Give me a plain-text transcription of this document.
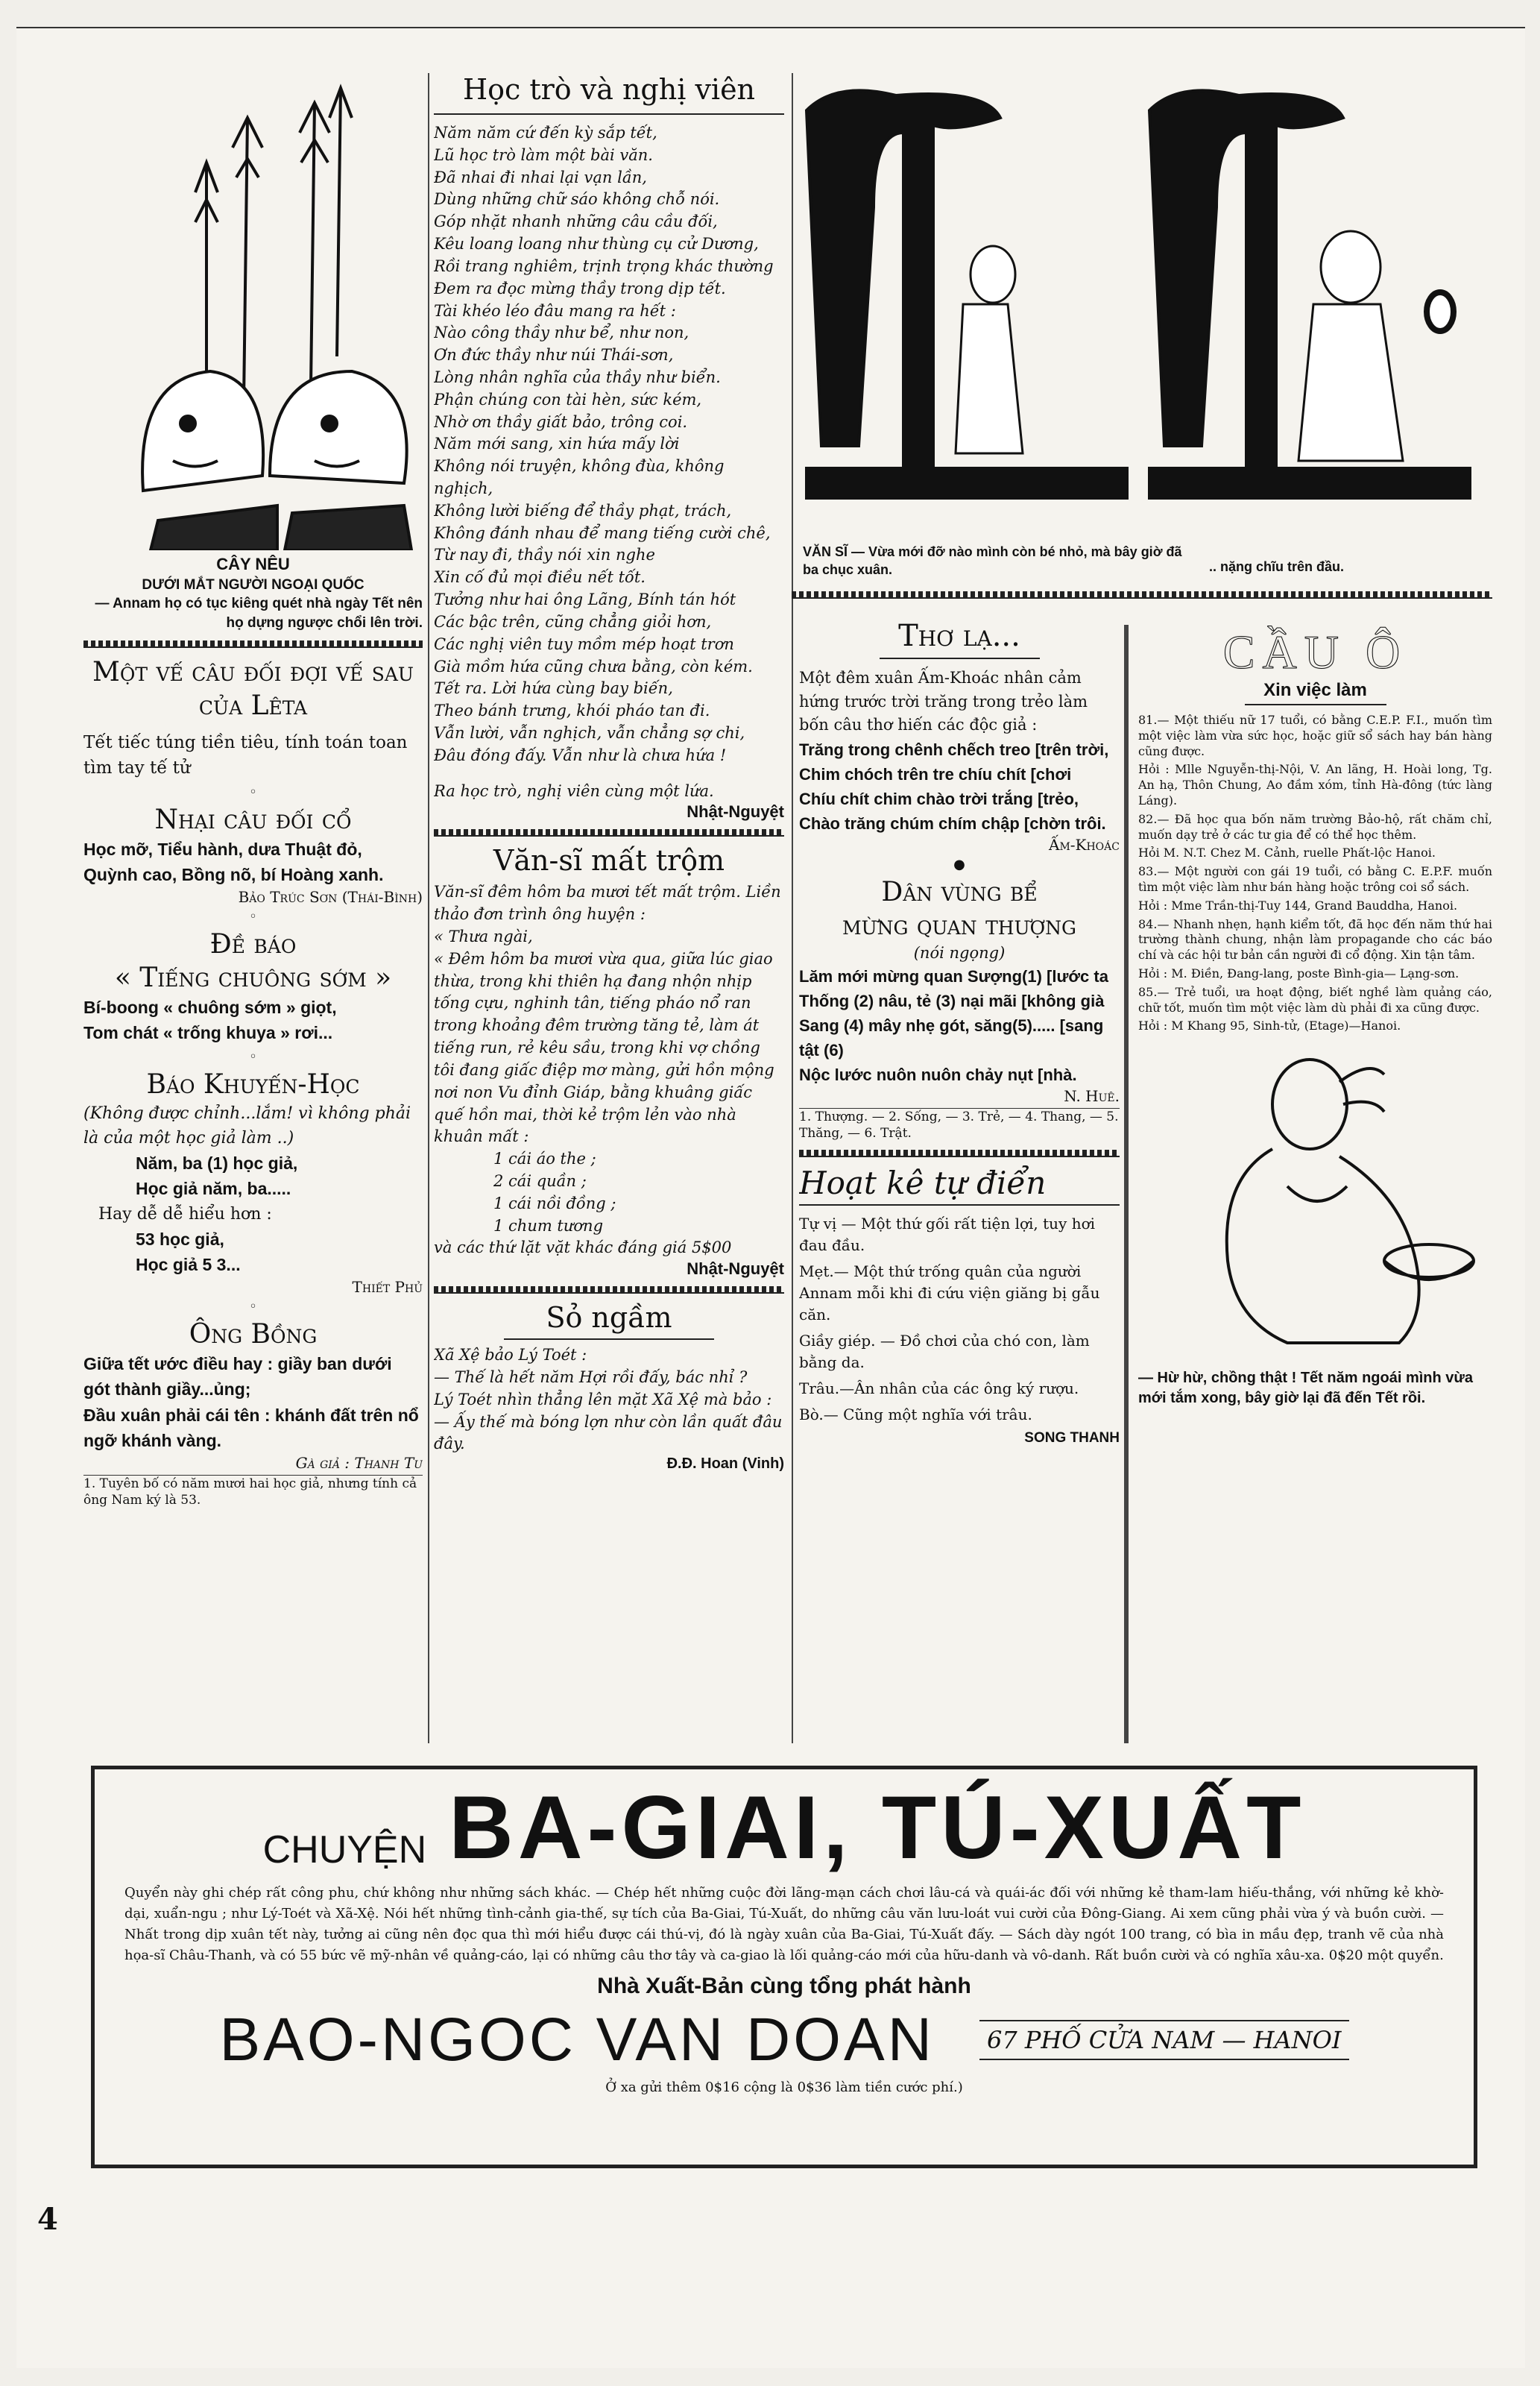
CÂY NÊU
DƯỚI MẮT NGƯỜI NGOẠI QUỐC
— Annam họ có tục kiêng quét nhà ngày Tết nên họ dựng ngược chổi lên trời.
Một vế câu đối đợi vế sau của Lêta
Tết tiếc túng tiền tiêu, tính toán toan tìm tay tế tử
◦
Nhại câu đối cổ
Học mỡ, Tiểu hành, dưa Thuật đỏ,
Quỳnh cao, Bồng nõ, bí Hoàng xanh.
Bảo Trúc Sơn (Thái-Bình)
◦
Đề báo
« Tiếng chuông sớm »
Bí-boong « chuông sớm » giọt,
Tom chát « trống khuya » rơi...
◦
Báo Khuyến-Học
(Không được chỉnh...lắm! vì không phải là của một học giả làm ..)
Năm, ba (1) học giả,
Học giả năm, ba.....
Hay dễ dễ hiểu hơn :
53 học giả,
Học giả 5 3...
Thiết Phủ
◦
Ông Bồng
Giữa tết ước điều hay : giầy ban dưới gót thành giầy...ủng;
Đầu xuân phải cái tên : khánh đất trên nổ ngỡ khánh vàng.
Gà giả : Thanh Tư
1. Tuyên bố có năm mươi hai học giả, nhưng tính cả ông Nam ký là 53.
Học trò và nghị viên
Năm năm cứ đến kỳ sắp tết,
Lũ học trò làm một bài văn.
Đã nhai đi nhai lại vạn lần,
Dùng những chữ sáo không chỗ nói.
Góp nhặt nhanh những câu cầu đối,
Kêu loang loang như thùng cụ cử Dương,
Rồi trang nghiêm, trịnh trọng khác thường
Đem ra đọc mừng thầy trong dịp tết.
Tài khéo léo đâu mang ra hết :
Nào công thầy như bể, như non,
Ơn đức thầy như núi Thái-sơn,
Lòng nhân nghĩa của thầy như biển.
Phận chúng con tài hèn, sức kém,
Nhờ ơn thầy giất bảo, trông coi.
Năm mới sang, xin hứa mấy lời
Không nói truyện, không đùa, không nghịch,
Không lười biếng để thầy phạt, trách,
Không đánh nhau để mang tiếng cười chê,
Từ nay đi, thầy nói xin nghe
Xin cố đủ mọi điều nết tốt.
Tưởng như hai ông Lãng, Bính tán hót
Các bậc trên, cũng chẳng giỏi hơn,
Các nghị viên tuy mồm mép hoạt trơn
Già mồm hứa cũng chưa bằng, còn kém.
Tết ra. Lời hứa cùng bay biến,
Theo bánh trưng, khói pháo tan đi.
Vẫn lười, vẫn nghịch, vẫn chẳng sợ chi,
Đâu đóng đấy. Vẫn như là chưa hứa !
Ra học trò, nghị viên cùng một lứa.
Nhật-Nguyệt
Văn-sĩ mất trộm
Văn-sĩ đêm hôm ba mươi tết mất trộm. Liền thảo đơn trình ông huyện :
« Thưa ngài,
« Đêm hôm ba mươi vừa qua, giữa lúc giao thừa, trong khi thiên hạ đang nhộn nhịp tống cựu, nghinh tân, tiếng pháo nổ ran trong khoảng đêm trường tăng tẻ, làm át tiếng run, rẻ kêu sầu, trong khi vợ chồng tôi đang giấc điệp mơ màng, gửi hồn mộng nơi non Vu đỉnh Giáp, bằng khuâng giấc quế hồn mai, thời kẻ trộm lẻn vào nhà khuân mất :
1 cái áo the ;
2 cái quần ;
1 cái nồi đồng ;
1 chum tương
và các thứ lặt vặt khác đáng giá 5$00
Nhật-Nguyệt
Sỏ ngầm
Xã Xệ bảo Lý Toét :
— Thế là hết năm Hợi rồi đấy, bác nhỉ ?
Lý Toét nhìn thẳng lên mặt Xã Xệ mà bảo :
— Ấy thế mà bóng lợn như còn lần quất đâu đây.
Đ.Đ. Hoan (Vinh)
VĂN SĨ — Vừa mới đỡ nào mình còn bé nhỏ, mà bây giờ đã ba chục xuân.	.. nặng chĩu trên đầu.
Thơ lạ...
Một đêm xuân Ấm-Khoác nhân cảm hứng trước trời trăng trong trẻo làm bốn câu thơ hiến các độc giả :
Trăng trong chênh chếch treo [trên trời,
Chim chóch trên tre chíu chít [chơi
Chíu chít chim chào trời trắng [trẻo,
Chào trăng chúm chím chập [chờn trôi.
Ấm-Khoác
●
Dân vùng bể
mừng quan thượng
(nói ngọng)
Lăm mới mừng quan Sượng(1) [lước ta
Thống (2) nâu, tẻ (3) nại mãi [không già
Sang (4) mây nhẹ gót, săng(5)..... [sang tật (6)
Nộc lước nuôn nuôn chảy nụt [nhà.
N. Huê.
1. Thượng. — 2. Sống, — 3. Trẻ, — 4. Thang, — 5. Thăng, — 6. Trật.
Hoạt kê tự điển
Tự vị — Một thứ gối rất tiện lợi, tuy hơi đau đầu.
Mẹt.— Một thứ trống quân của người Annam mỗi khi đi cứu viện giăng bị gẫu căn.
Giầy giép. — Đồ chơi của chó con, làm bằng da.
Trâu.—Ân nhân của các ông ký rượu.
Bò.— Cũng một nghĩa với trâu.
SONG THANH
CẦU Ô
Xin việc làm
81.— Một thiếu nữ 17 tuổi, có bằng C.E.P. F.I., muốn tìm một việc làm vừa sức học, hoặc giữ sổ sách hay bán hàng cũng được.
Hỏi : Mlle Nguyễn-thị-Nội, V. An lãng, H. Hoài long, Tg. An hạ, Thôn Chung, Ao đầm xóm, tỉnh Hà-đông (tức làng Láng).
82.— Đã học qua bốn năm trường Bảo-hộ, rất chăm chỉ, muốn dạy trẻ ở các tư gia để có thể học thêm.
Hỏi M. N.T. Chez M. Cảnh, ruelle Phất-lộc Hanoi.
83.— Một người con gái 19 tuổi, có bằng C. E.P.F. muốn tìm một việc làm như bán hàng hoặc trông coi sổ sách.
Hỏi : Mme Trần-thị-Tuy 144, Grand Bauddha, Hanoi.
84.— Nhanh nhẹn, hạnh kiểm tốt, đã học đến năm thứ hai trường thành chung, nhận làm propagande cho các báo chí và các hội tư bản cần người đi cổ động. Xin tận tâm.
Hỏi : M. Điền, Đang-lang, poste Bình-gia— Lạng-sơn.
85.— Trẻ tuổi, ưa hoạt động, biết nghề làm quảng cáo, chữ tốt, muốn tìm một việc làm dù phải đi xa cũng được.
Hỏi : M Khang 95, Sinh-tử, (Etage)—Hanoi.
— Hừ hừ, chồng thật ! Tết năm ngoái mình vừa mới tắm xong, bây giờ lại đã đến Tết rồi.
CHUYỆN BA-GIAI, TÚ-XUẤT
Quyển này ghi chép rất công phu, chứ không như những sách khác. — Chép hết những cuộc đời lãng-mạn cách chơi lâu-cá và quái-ác đối với những kẻ tham-lam hiếu-thắng, với những kẻ khờ-dại, xuẩn-ngu ; như Lý-Toét và Xã-Xệ. Nói hết những tình-cảnh gia-thế, sự tích của Ba-Giai, Tú-Xuất, do những câu văn lưu-loát vui cười của Đông-Giang. Ai xem cũng phải vừa ý và buồn cười. — Nhất trong dịp xuân tết này, tưởng ai cũng nên đọc qua thì mới hiểu được cái thú-vị, đó là ngày xuân của Ba-Giai, Tú-Xuất đấy. — Sách dày ngót 100 trang, có bìa in mầu đẹp, tranh vẽ của nhà họa-sĩ Châu-Thanh, và có 55 bức vẽ mỹ-nhân về quảng-cáo, lại có những câu thơ tây và ca-giao là lối quảng-cáo mới của hữu-danh và vô-danh. Rất buồn cười và có nghĩa xâu-xa. 0$20 một quyển.
Nhà Xuất-Bản cùng tổng phát hành
BAO-NGOC VAN DOAN	67 PHỐ CỬA NAM — HANOI
Ở xa gửi thêm 0$16 cộng là 0$36 làm tiền cước phí.)
4
